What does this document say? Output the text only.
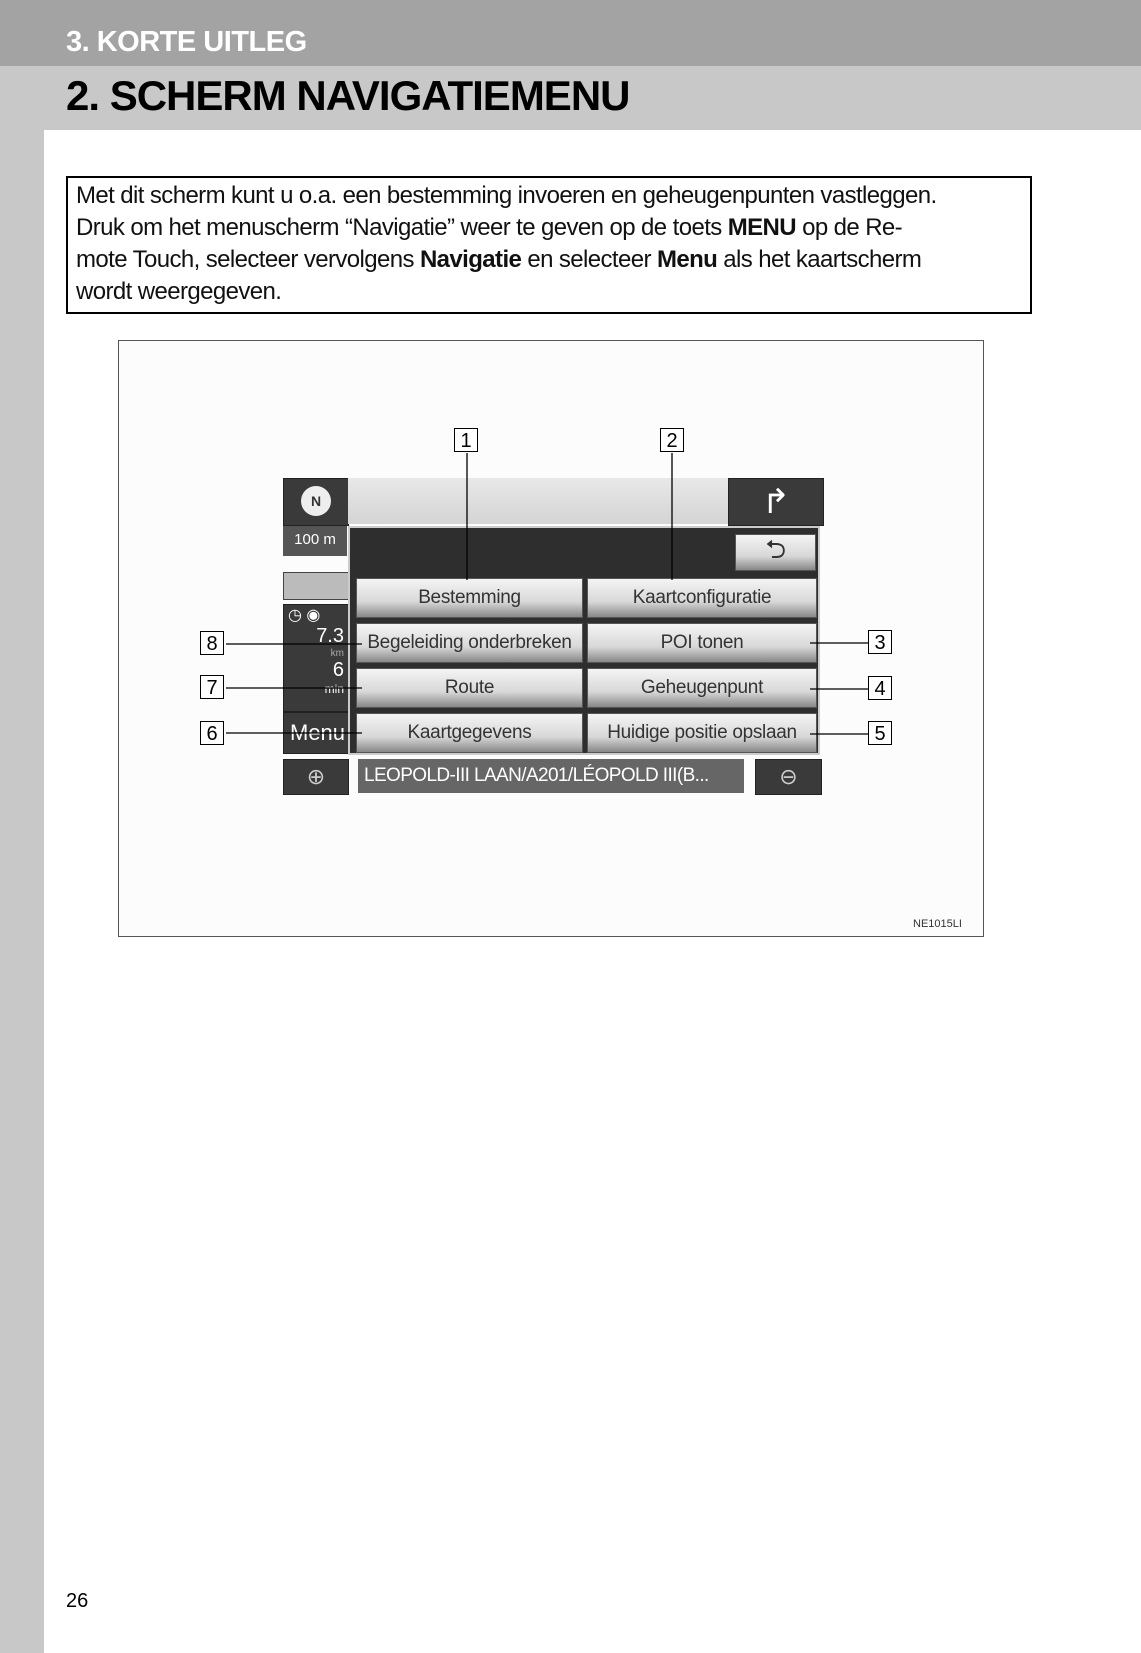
3. KORTE UITLEG
2. SCHERM NAVIGATIEMENU
Met dit scherm kunt u o.a. een bestemming invoeren en geheugenpunten vastleggen.
Druk om het menuscherm “Navigatie” weer te geven op de toets MENU op de Re-
mote Touch, selecteer vervolgens Navigatie en selecteer Menu als het kaartscherm
wordt weergegeven.
N	↱
100 m
◷ ◉
7.3
km
6
min
Menu
⮌
Bestemming	Kaartconfiguratie
Begeleiding onderbreken	POI tonen
Route	Geheugenpunt
Kaartgegevens	Huidige positie opslaan
⊕	LEOPOLD-III LAAN/A201/LÉOPOLD III(B...	⊖
1	2
3
4
5
6
7
8
NE1015LI
26
